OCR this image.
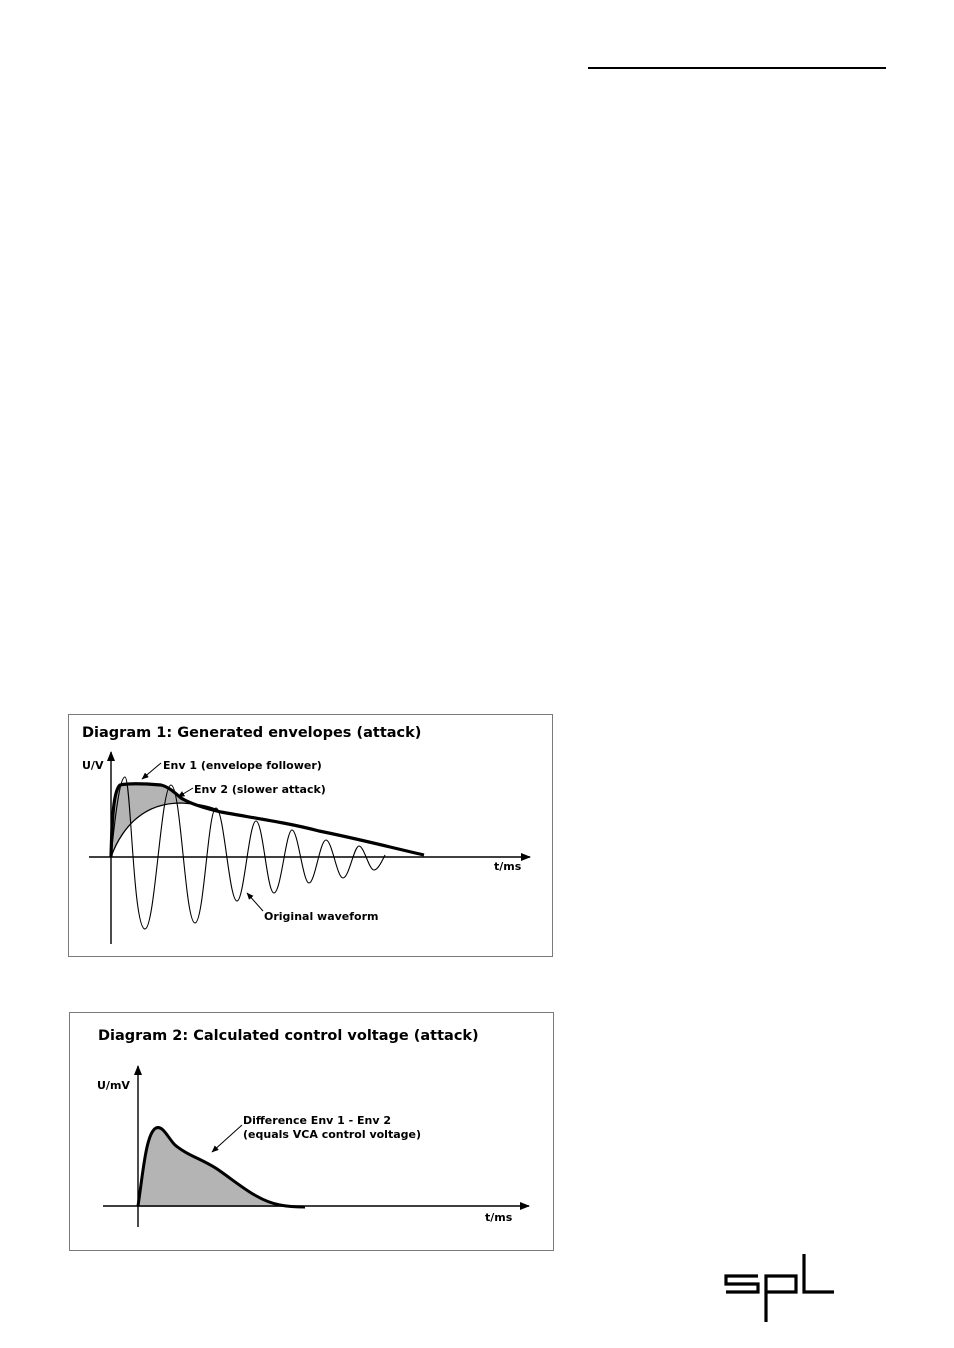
Diagram 1: Generated envelopes (attack)
U/V
t/ms
Env 1 (envelope follower)
Env 2 (slower attack)
Original waveform
Diagram 2: Calculated control voltage (attack)
U/mV
t/ms
Difference Env 1 - Env 2
(equals VCA control voltage)
